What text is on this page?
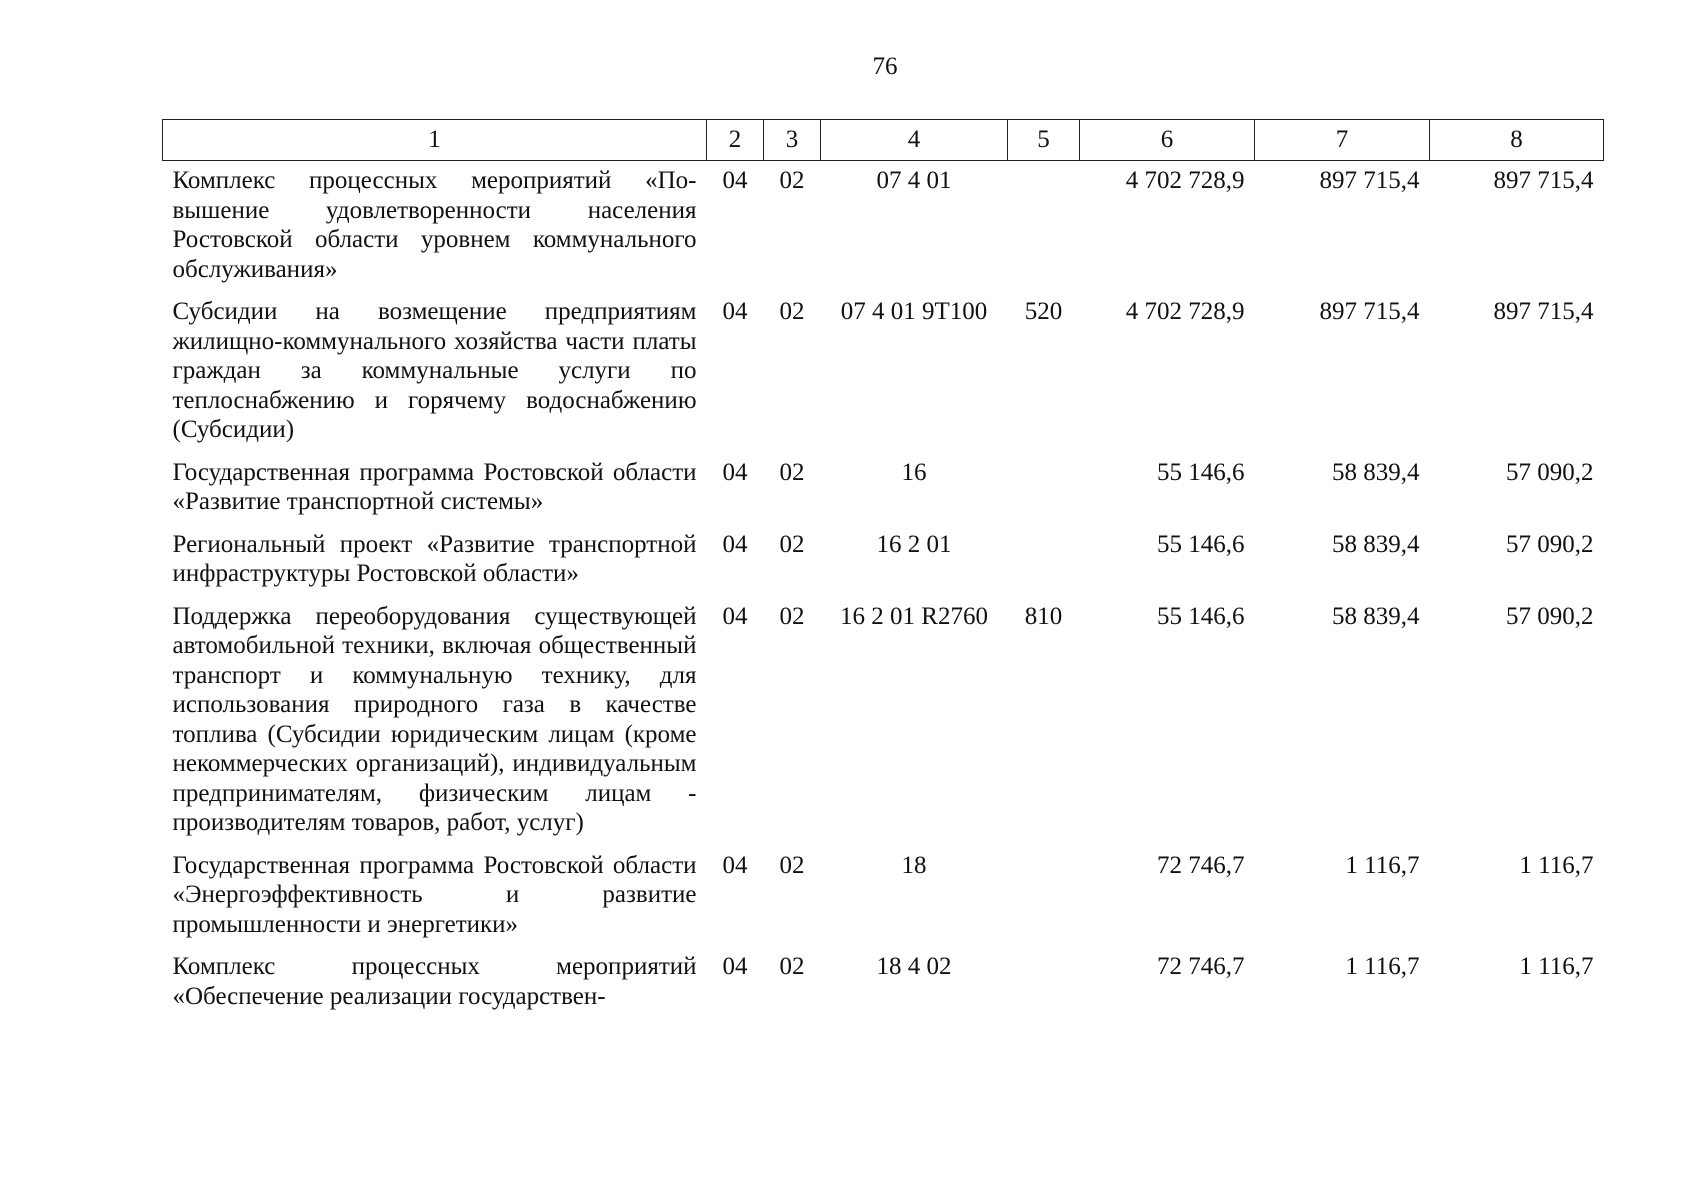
76
1	2	3	4	5	6	7	8
Комплекс процессных мероприятий «Повышение удовлетворенности населения Ростовской области уровнем коммунального обслуживания»	04	02	07 4 01		4 702 728,9	897 715,4	897 715,4
Субсидии на возмещение предприятиям жилищно-коммунального хозяйства части платы граждан за коммунальные услуги по теплоснабжению и горячему водоснабжению (Субсидии)	04	02	07 4 01 9Т100	520	4 702 728,9	897 715,4	897 715,4
Государственная программа Ростовской области «Развитие транспортной системы»	04	02	16		55 146,6	58 839,4	57 090,2
Региональный проект «Развитие транспортной инфраструктуры Ростовской области»	04	02	16 2 01		55 146,6	58 839,4	57 090,2
Поддержка переоборудования существующей автомобильной техники, включая общественный транспорт и коммунальную технику, для использования природного газа в качестве топлива (Субсидии юридическим лицам (кроме некоммерческих организаций), индивидуальным предпринимателям, физическим лицам - производителям товаров, работ, услуг)	04	02	16 2 01 R2760	810	55 146,6	58 839,4	57 090,2
Государственная программа Ростовской области «Энергоэффективность и развитие промышленности и энергетики»	04	02	18		72 746,7	1 116,7	1 116,7
Комплекс процессных мероприятий «Обеспечение реализации государствен-	04	02	18 4 02		72 746,7	1 116,7	1 116,7
